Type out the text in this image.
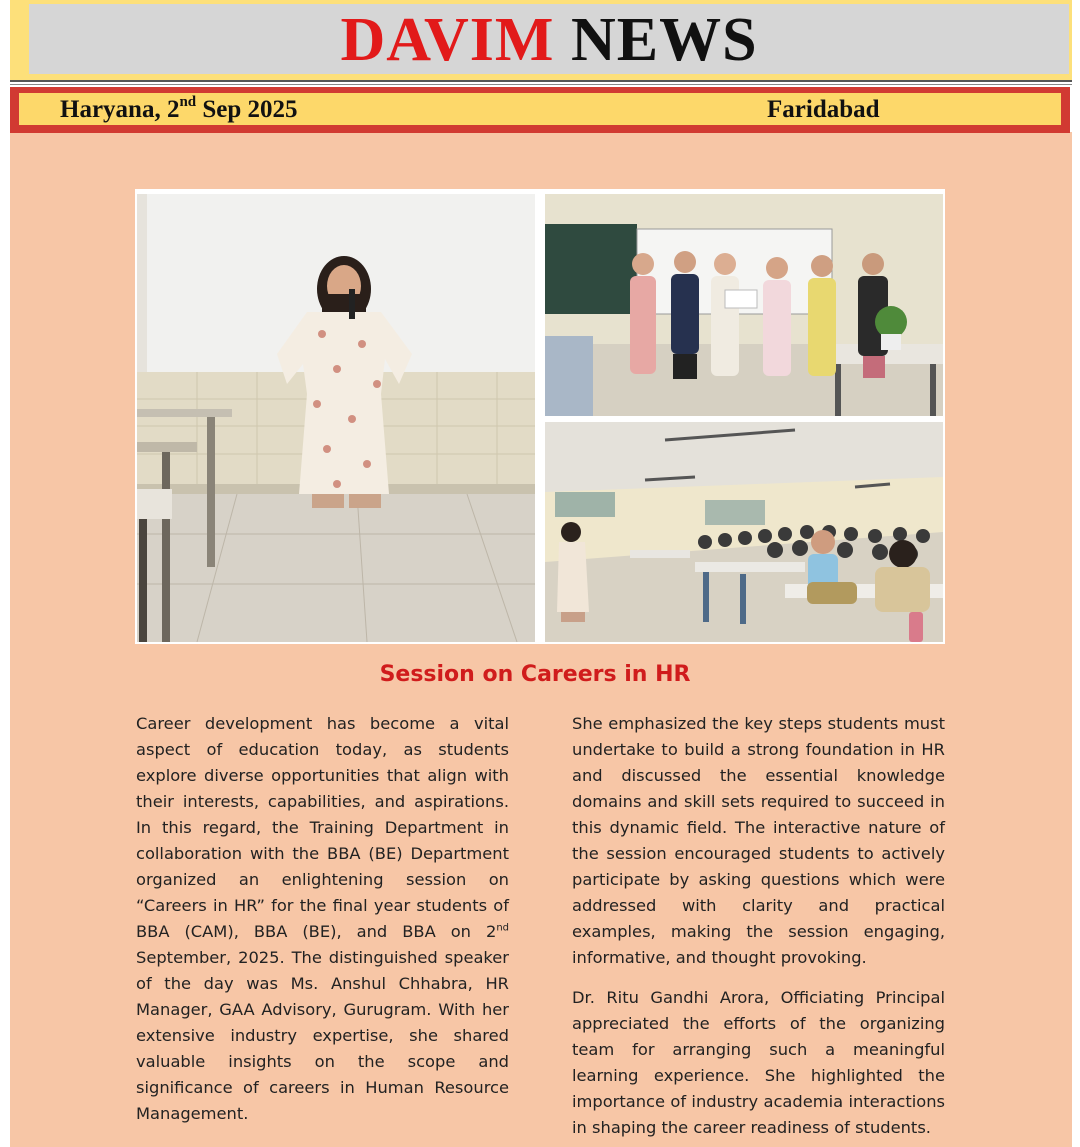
DAVIM NEWS
Haryana, 2nd Sep 2025	Faridabad
Session on Careers in HR

Career development has become a vital aspect of education today, as students explore diverse opportunities that align with their interests, capabilities, and aspirations. In this regard, the Training Department in collaboration with the BBA (BE) Department organized an enlightening session on “Careers in HR” for the final year students of BBA (CAM), BBA (BE), and BBA on 2nd September, 2025. The distinguished speaker of the day was Ms. Anshul Chhabra, HR Manager, GAA Advisory, Gurugram. With her extensive industry expertise, she shared valuable insights on the scope and significance of careers in Human Resource Management.

She emphasized the key steps students must undertake to build a strong foundation in HR and discussed the essential knowledge domains and skill sets required to succeed in this dynamic field. The interactive nature of the session encouraged students to actively participate by asking questions which were addressed with clarity and practical examples, making the session engaging, informative, and thought provoking.

Dr. Ritu Gandhi Arora, Officiating Principal appreciated the efforts of the organizing team for arranging such a meaningful learning experience. She highlighted the importance of industry academia interactions in shaping the career readiness of students.
